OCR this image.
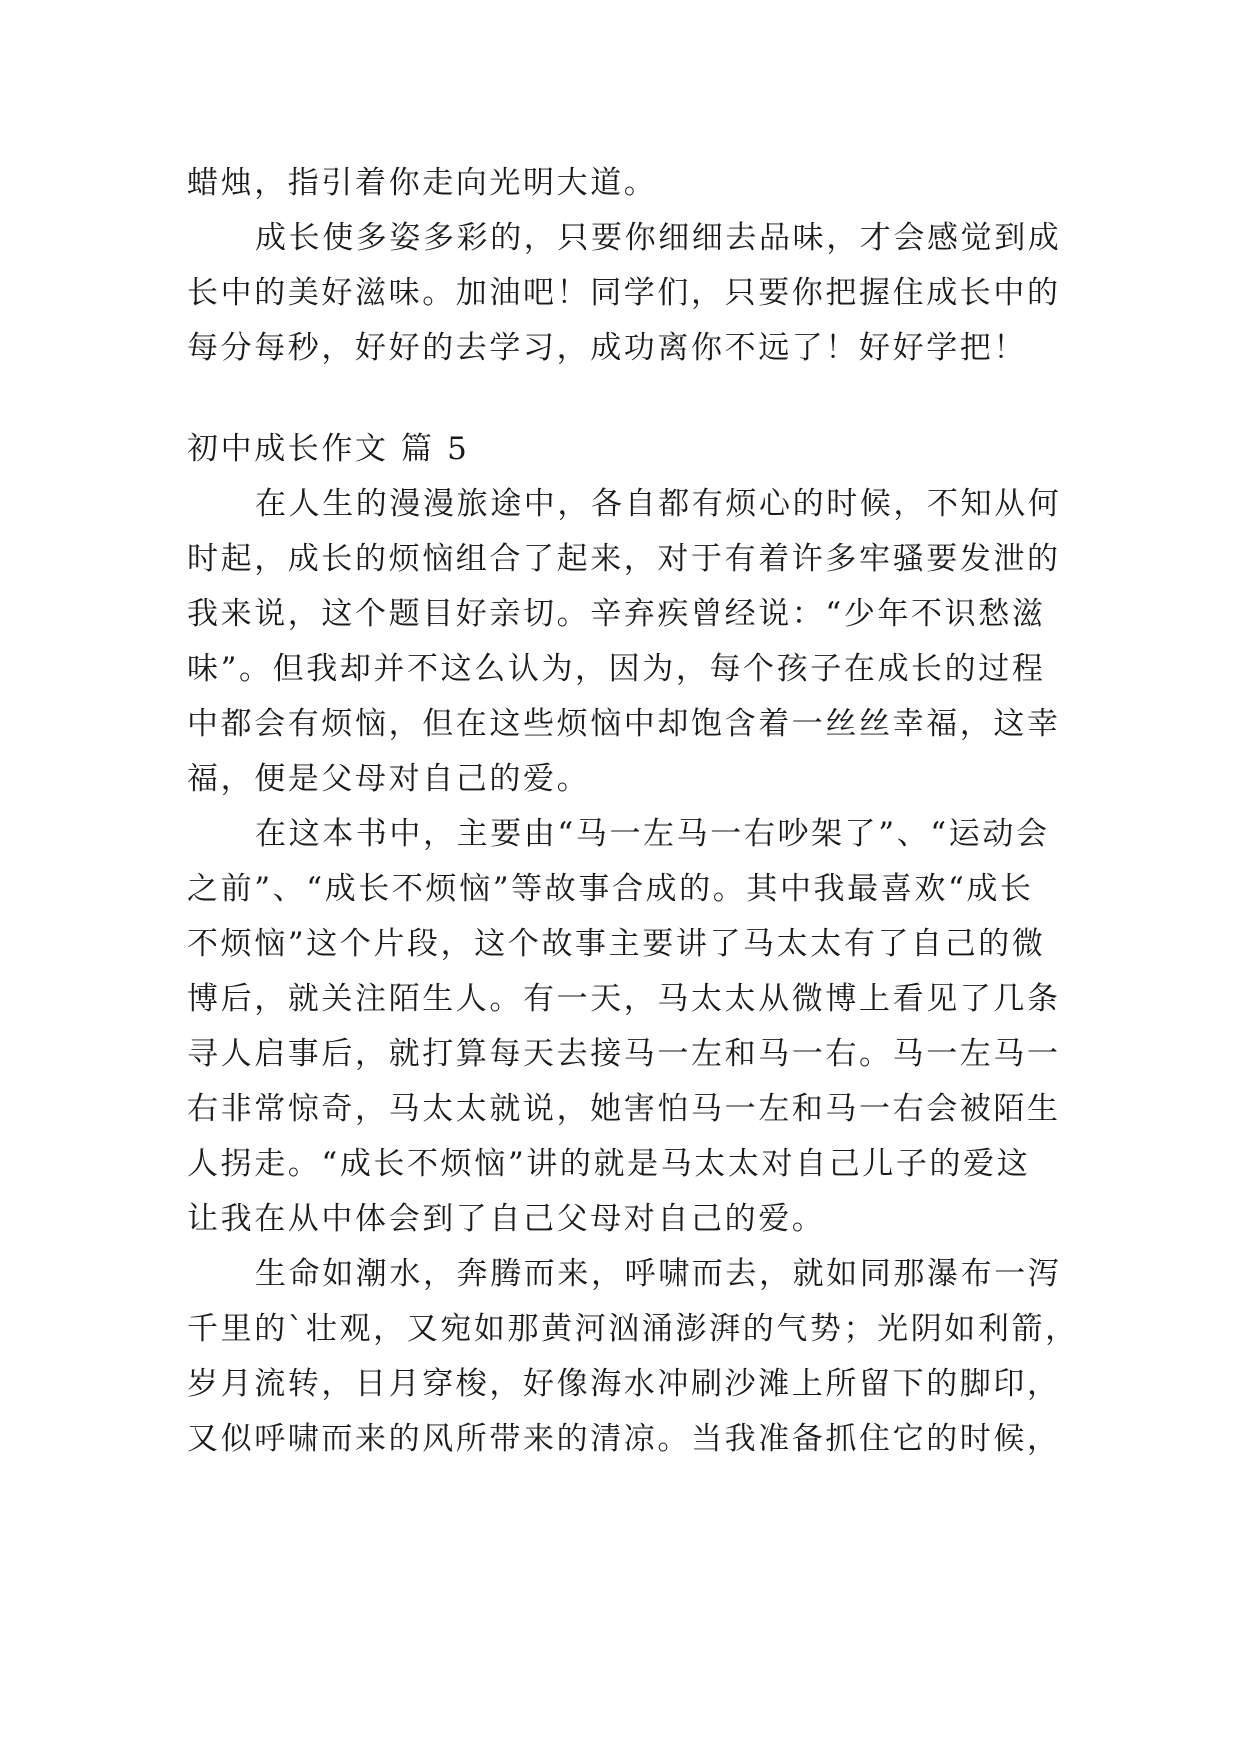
蜡烛，指引着你走向光明大道。
成长使多姿多彩的，只要你细细去品味，才会感觉到成
长中的美好滋味。加油吧！同学们，只要你把握住成长中的
每分每秒，好好的去学习，成功离你不远了！好好学把！
初中成长作文 篇 5
在人生的漫漫旅途中，各自都有烦心的时候，不知从何
时起，成长的烦恼组合了起来，对于有着许多牢骚要发泄的
我来说，这个题目好亲切。辛弃疾曾经说：“少年不识愁滋
味”。但我却并不这么认为，因为，每个孩子在成长的过程
中都会有烦恼，但在这些烦恼中却饱含着一丝丝幸福，这幸
福，便是父母对自己的爱。
在这本书中，主要由“马一左马一右吵架了”、“运动会
之前”、“成长不烦恼”等故事合成的。其中我最喜欢“成长
不烦恼”这个片段，这个故事主要讲了马太太有了自己的微
博后，就关注陌生人。有一天，马太太从微博上看见了几条
寻人启事后，就打算每天去接马一左和马一右。马一左马一
右非常惊奇，马太太就说，她害怕马一左和马一右会被陌生
人拐走。“成长不烦恼”讲的就是马太太对自己儿子的爱这
让我在从中体会到了自己父母对自己的爱。
生命如潮水，奔腾而来，呼啸而去，就如同那瀑布一泻
千里的`壮观，又宛如那黄河汹涌澎湃的气势；光阴如利箭，
岁月流转，日月穿梭，好像海水冲刷沙滩上所留下的脚印，
又似呼啸而来的风所带来的清凉。当我准备抓住它的时候，
